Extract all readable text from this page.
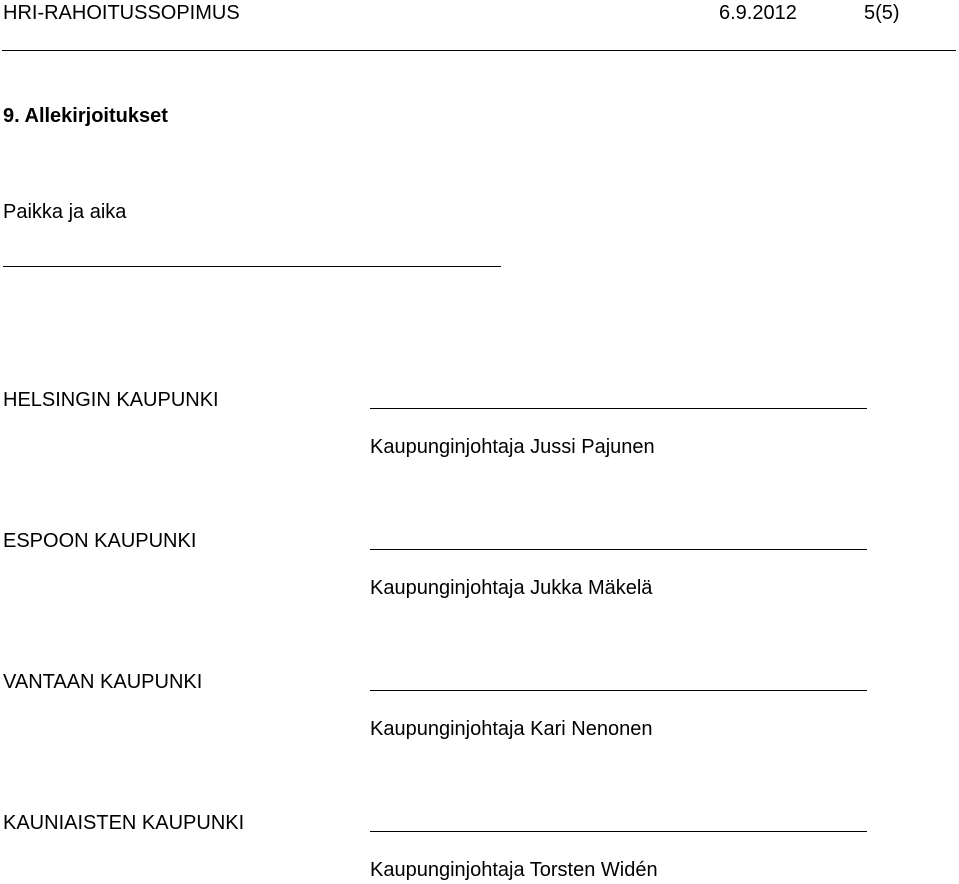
HRI-RAHOITUSSOPIMUS	6.9.2012	5(5)
9. Allekirjoitukset
Paikka ja aika
HELSINGIN KAUPUNKI
Kaupunginjohtaja Jussi Pajunen
ESPOON KAUPUNKI
Kaupunginjohtaja Jukka Mäkelä
VANTAAN KAUPUNKI
Kaupunginjohtaja Kari Nenonen
KAUNIAISTEN KAUPUNKI
Kaupunginjohtaja Torsten Widén
